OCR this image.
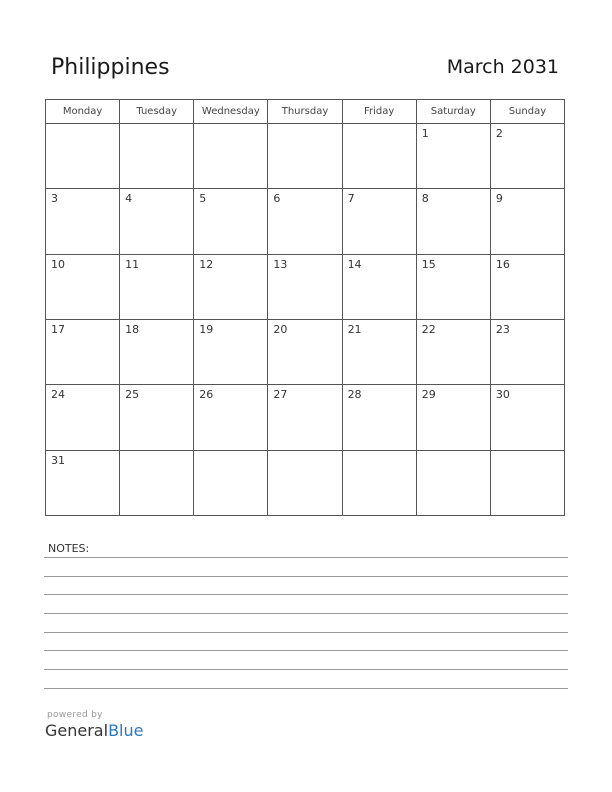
Philippines	March 2031
Monday	Tuesday	Wednesday	Thursday	Friday	Saturday	Sunday

					1	2

3	4	5	6	7	8	9

10	11	12	13	14	15	16

17	18	19	20	21	22	23

24	25	26	27	28	29	30

31						

NOTES:
powered by
GeneralBlue
